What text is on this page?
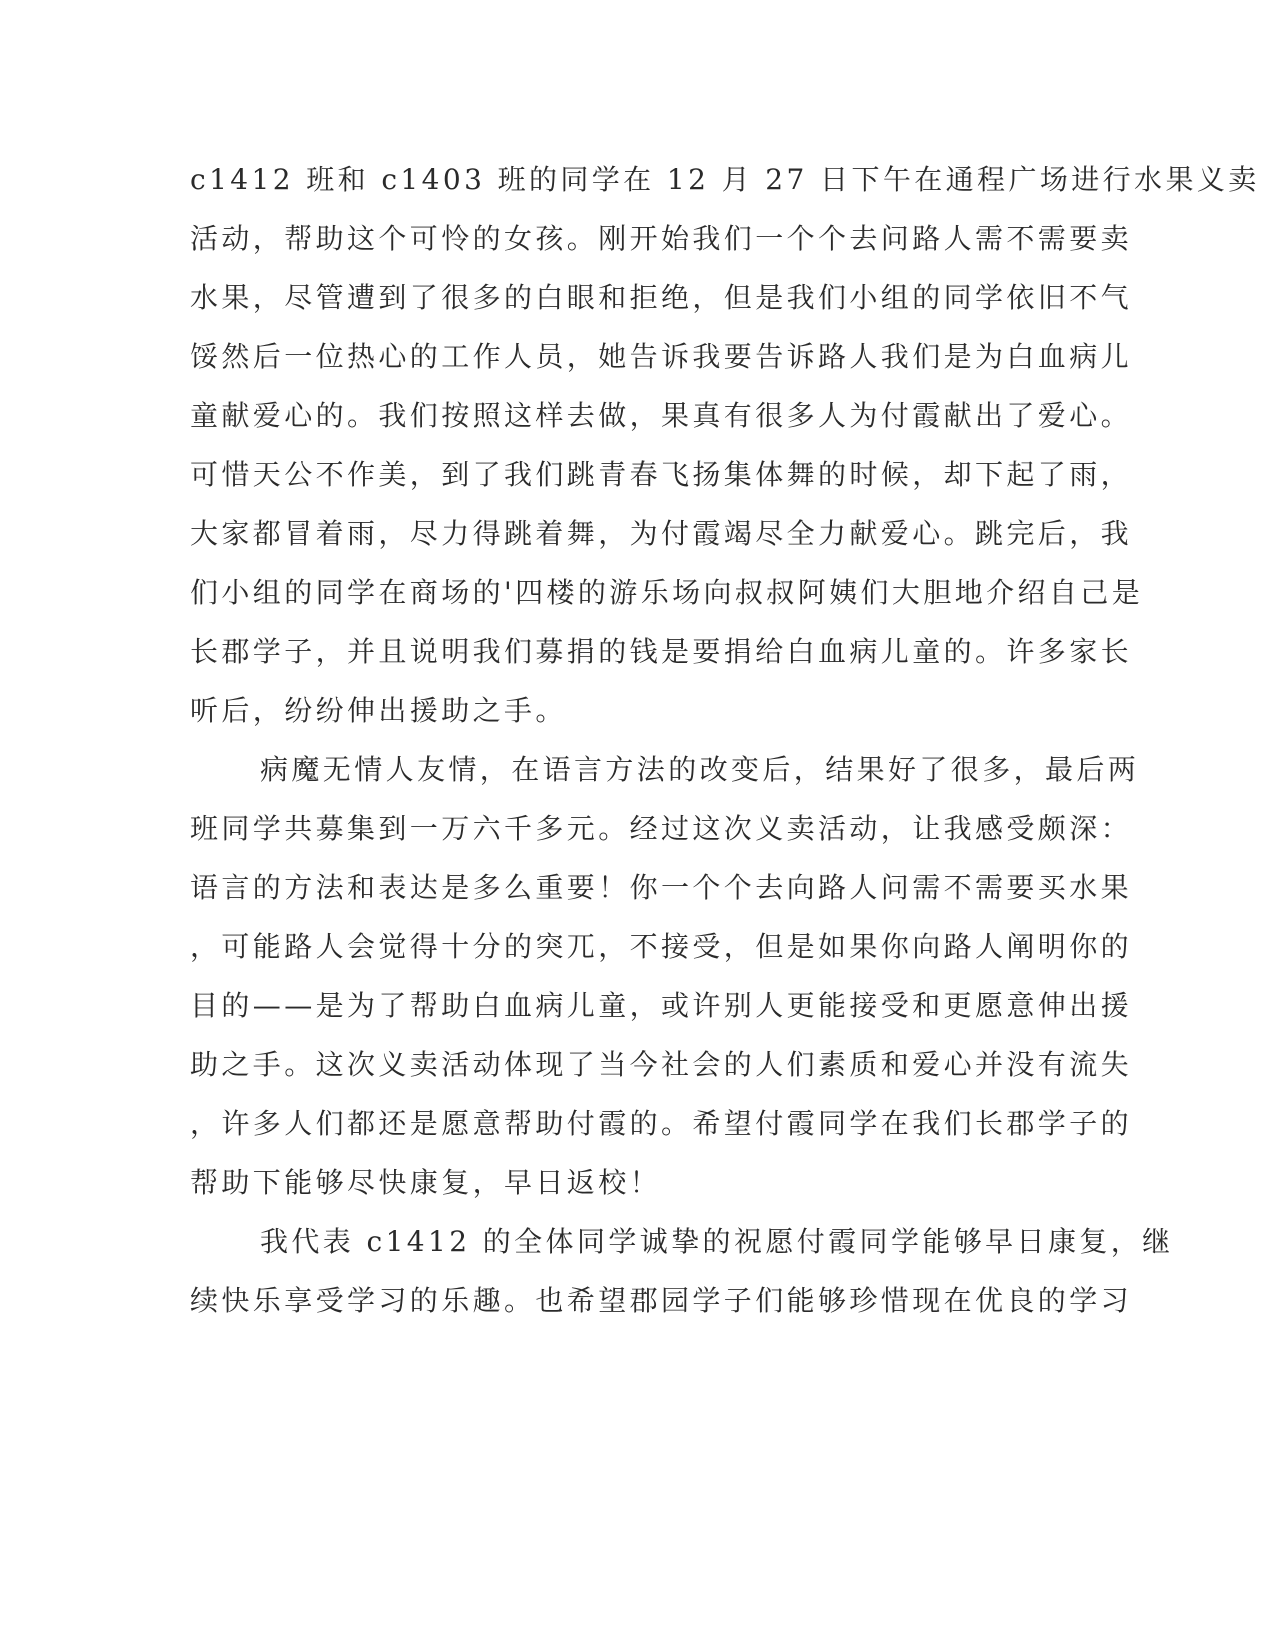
c1412 班和 c1403 班的同学在 12 月 27 日下午在通程广场进行水果义卖
活动，帮助这个可怜的女孩。刚开始我们一个个去问路人需不需要卖
水果，尽管遭到了很多的白眼和拒绝，但是我们小组的同学依旧不气
馁然后一位热心的工作人员，她告诉我要告诉路人我们是为白血病儿
童献爱心的。我们按照这样去做，果真有很多人为付霞献出了爱心。
可惜天公不作美，到了我们跳青春飞扬集体舞的时候，却下起了雨，
大家都冒着雨，尽力得跳着舞，为付霞竭尽全力献爱心。跳完后，我
们小组的同学在商场的'四楼的游乐场向叔叔阿姨们大胆地介绍自己是
长郡学子，并且说明我们募捐的钱是要捐给白血病儿童的。许多家长
听后，纷纷伸出援助之手。
病魔无情人友情，在语言方法的改变后，结果好了很多，最后两
班同学共募集到一万六千多元。经过这次义卖活动，让我感受颇深：
语言的方法和表达是多么重要！你一个个去向路人问需不需要买水果
，可能路人会觉得十分的突兀，不接受，但是如果你向路人阐明你的
目的——是为了帮助白血病儿童，或许别人更能接受和更愿意伸出援
助之手。这次义卖活动体现了当今社会的人们素质和爱心并没有流失
，许多人们都还是愿意帮助付霞的。希望付霞同学在我们长郡学子的
帮助下能够尽快康复，早日返校！
我代表 c1412 的全体同学诚挚的祝愿付霞同学能够早日康复，继
续快乐享受学习的乐趣。也希望郡园学子们能够珍惜现在优良的学习
